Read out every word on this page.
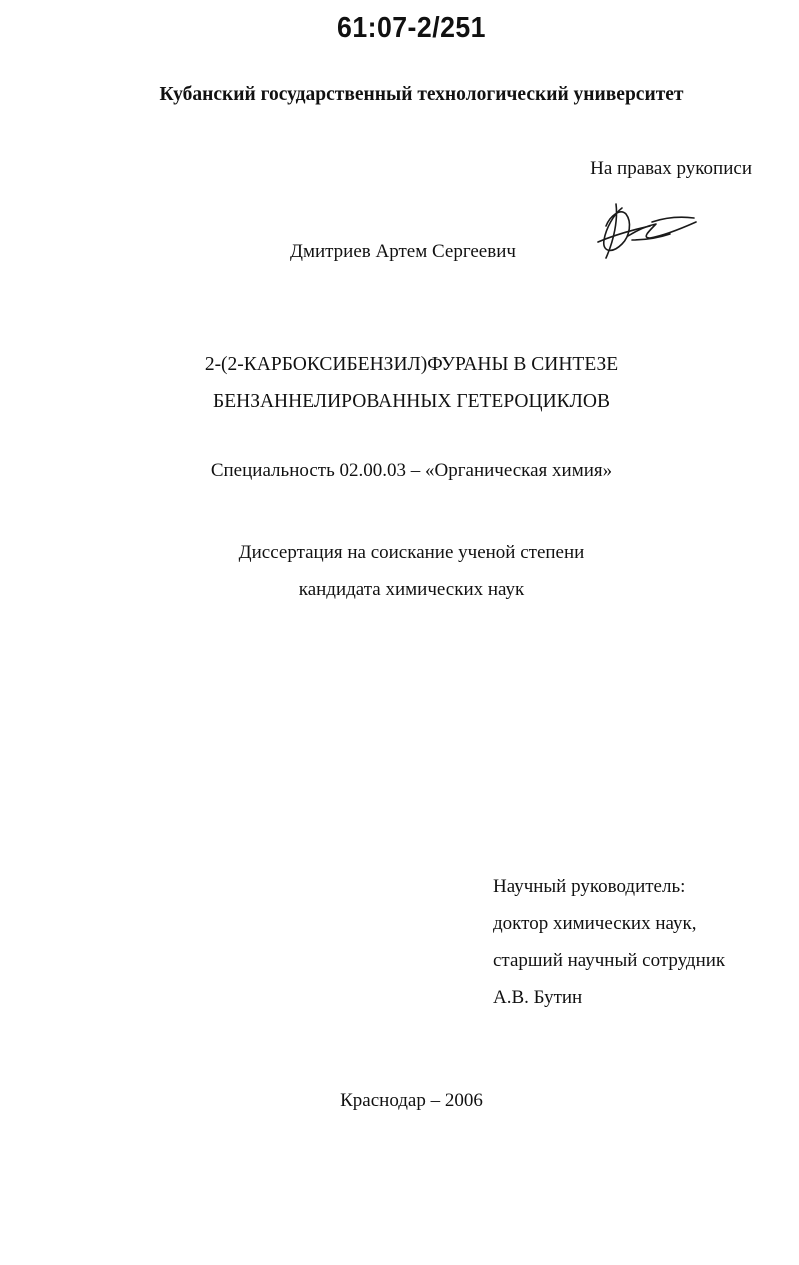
61:07-2/251
Кубанский государственный технологический университет
На правах рукописи
Дмитриев Артем Сергеевич
2-(2-КАРБОКСИБЕНЗИЛ)ФУРАНЫ В СИНТЕЗЕ
БЕНЗАННЕЛИРОВАННЫХ ГЕТЕРОЦИКЛОВ
Специальность 02.00.03 – «Органическая химия»
Диссертация на соискание ученой степени
кандидата химических наук
Научный руководитель:
доктор химических наук,
старший научный сотрудник
А.В. Бутин
Краснодар – 2006
